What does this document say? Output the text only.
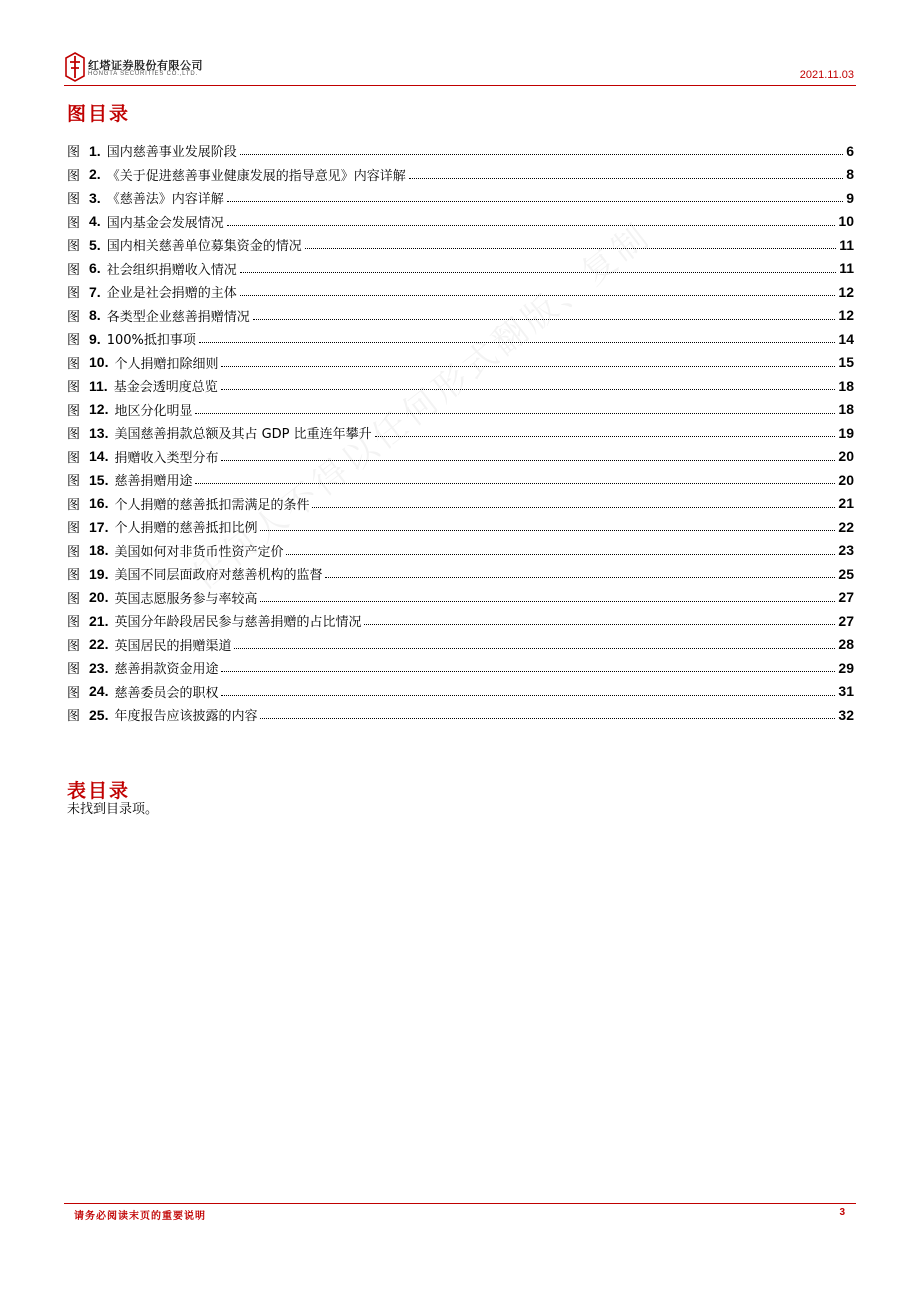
红塔证券股份有限公司
HONGTA SECURITIES CO.,LTD.	2021.11.03
图目录
图 1. 国内慈善事业发展阶段	6
图 2. 《关于促进慈善事业健康发展的指导意见》内容详解	8
图 3. 《慈善法》内容详解	9
图 4. 国内基金会发展情况	10
图 5. 国内相关慈善单位募集资金的情况	11
图 6. 社会组织捐赠收入情况	11
图 7. 企业是社会捐赠的主体	12
图 8. 各类型企业慈善捐赠情况	12
图 9. 100%抵扣事项	14
图 10. 个人捐赠扣除细则	15
图 11. 基金会透明度总览	18
图 12. 地区分化明显	18
图 13. 美国慈善捐款总额及其占 GDP 比重连年攀升	19
图 14. 捐赠收入类型分布	20
图 15. 慈善捐赠用途	20
图 16. 个人捐赠的慈善抵扣需满足的条件	21
图 17. 个人捐赠的慈善抵扣比例	22
图 18. 美国如何对非货币性资产定价	23
图 19. 美国不同层面政府对慈善机构的监督	25
图 20. 英国志愿服务参与率较高	27
图 21. 英国分年龄段居民参与慈善捐赠的占比情况	27
图 22. 英国居民的捐赠渠道	28
图 23. 慈善捐款资金用途	29
图 24. 慈善委员会的职权	31
图 25. 年度报告应该披露的内容	32
表目录
未找到目录项。
请务必阅读末页的重要说明	3
